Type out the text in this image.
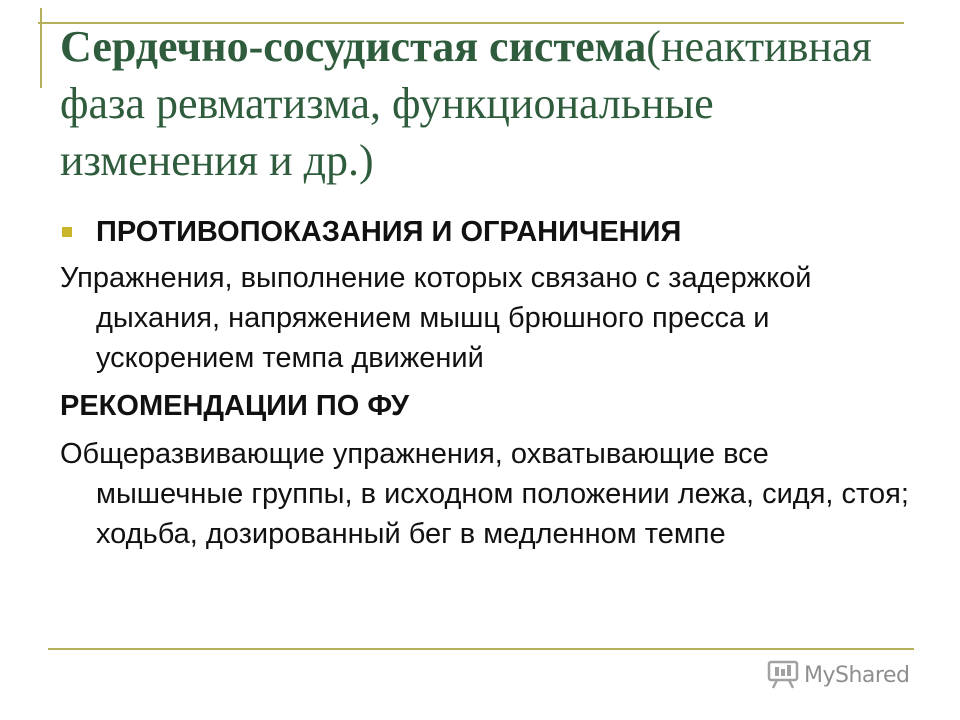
Сердечно-сосудистая система(неактивная фаза ревматизма, функциональные изменения и др.)
ПРОТИВОПОКАЗАНИЯ И ОГРАНИЧЕНИЯ
Упражнения, выполнение которых связано с задержкой дыхания, напряжением мышц брюшного пресса и ускорением темпа движений
РЕКОМЕНДАЦИИ ПО ФУ
Общеразвивающие упражнения, охватывающие все мышечные группы, в исходном положении лежа, сидя, стоя; ходьба, дозированный бег в медленном темпе
MyShared
